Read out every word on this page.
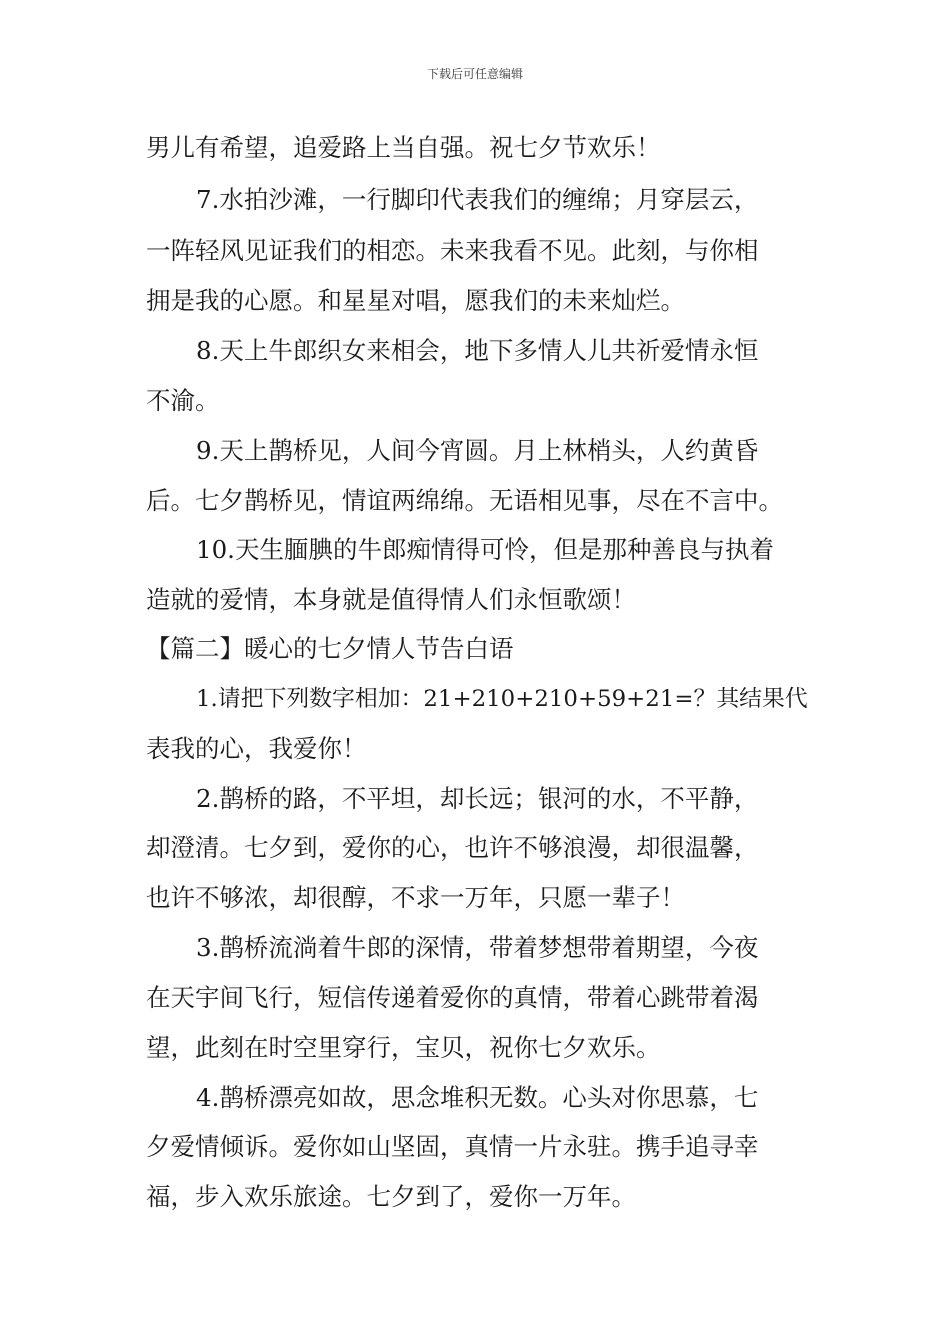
下载后可任意编辑
男儿有希望，追爱路上当自强。祝七夕节欢乐！
7.水拍沙滩，一行脚印代表我们的缠绵；月穿层云，
一阵轻风见证我们的相恋。未来我看不见。此刻，与你相
拥是我的心愿。和星星对唱，愿我们的未来灿烂。
8.天上牛郎织女来相会，地下多情人儿共祈爱情永恒
不渝。
9.天上鹊桥见，人间今宵圆。月上林梢头，人约黄昏
后。七夕鹊桥见，情谊两绵绵。无语相见事，尽在不言中。
10.天生腼腆的牛郎痴情得可怜，但是那种善良与执着
造就的爱情，本身就是值得情人们永恒歌颂！
【篇二】暖心的七夕情人节告白语
1.请把下列数字相加：21+210+210+59+21=？其结果代
表我的心，我爱你！
2.鹊桥的路，不平坦，却长远；银河的水，不平静，
却澄清。七夕到，爱你的心，也许不够浪漫，却很温馨，
也许不够浓，却很醇，不求一万年，只愿一辈子！
3.鹊桥流淌着牛郎的深情，带着梦想带着期望，今夜
在天宇间飞行，短信传递着爱你的真情，带着心跳带着渴
望，此刻在时空里穿行，宝贝，祝你七夕欢乐。
4.鹊桥漂亮如故，思念堆积无数。心头对你思慕，七
夕爱情倾诉。爱你如山坚固，真情一片永驻。携手追寻幸
福，步入欢乐旅途。七夕到了，爱你一万年。
